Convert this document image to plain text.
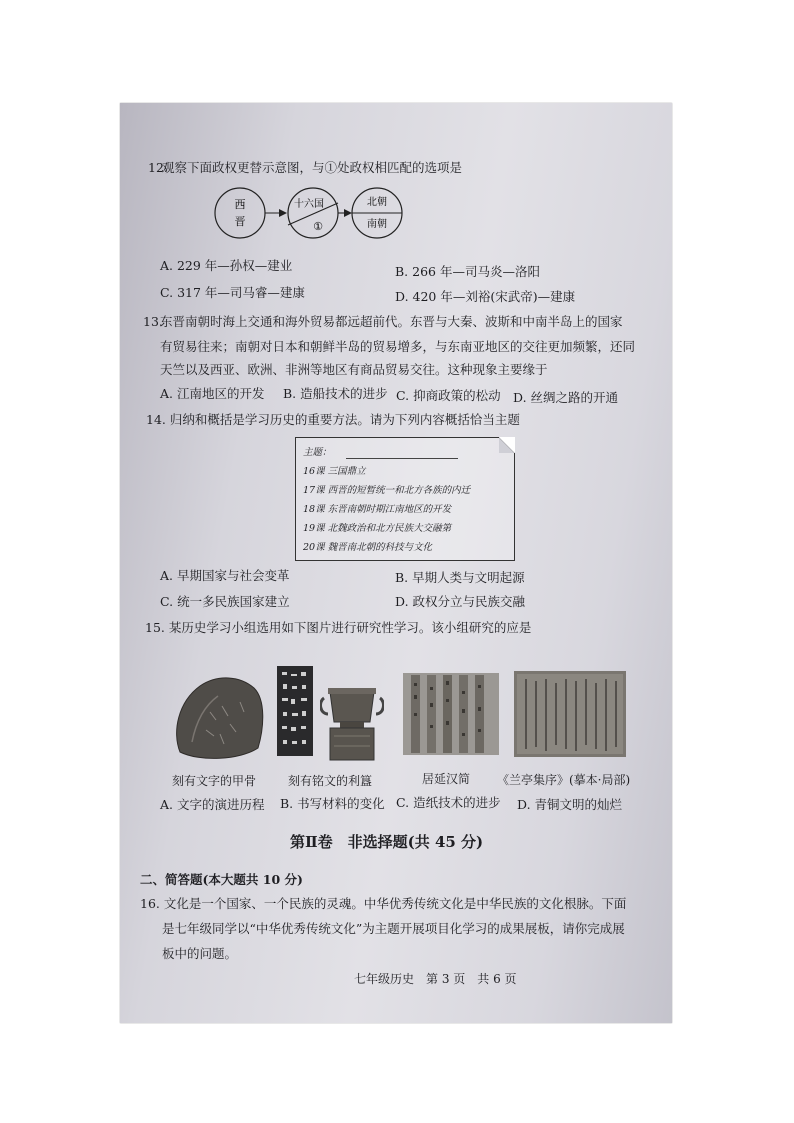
12.
观察下面政权更替示意图，与①处政权相匹配的选项是
西
晋
十六国
①
北朝
南朝
A. 229 年—孙权—建业	B. 266 年—司马炎—洛阳
C. 317 年—司马睿—建康	D. 420 年—刘裕(宋武帝)—建康
13.
东晋南朝时海上交通和海外贸易都远超前代。东晋与大秦、波斯和中南半岛上的国家
有贸易往来；南朝对日本和朝鲜半岛的贸易增多，与东南亚地区的交往更加频繁，还同
天竺以及西亚、欧洲、非洲等地区有商品贸易交往。这种现象主要缘于
A. 江南地区的开发 B. 造船技术的进步 C. 抑商政策的松动 D. 丝绸之路的开通
14. 归纳和概括是学习历史的重要方法。请为下列内容概括恰当主题
主题：
16课 三国鼎立
17课 西晋的短暂统一和北方各族的内迁
18课 东晋南朝时期江南地区的开发
19课 北魏政治和北方民族大交融第
20课 魏晋南北朝的科技与文化
A. 早期国家与社会变革	B. 早期人类与文明起源
C. 统一多民族国家建立	D. 政权分立与民族交融
15. 某历史学习小组选用如下图片进行研究性学习。该小组研究的应是
刻有文字的甲骨	刻有铭文的利簋	居延汉简 《兰亭集序》(摹本·局部)
A. 文字的演进历程 B. 书写材料的变化 C. 造纸技术的进步 D. 青铜文明的灿烂
第Ⅱ卷　非选择题(共 45 分)
二、简答题(本大题共 10 分)
16. 文化是一个国家、一个民族的灵魂。中华优秀传统文化是中华民族的文化根脉。下面
是七年级同学以“中华优秀传统文化”为主题开展项目化学习的成果展板，请你完成展
板中的问题。
七年级历史　第 3 页　共 6 页
